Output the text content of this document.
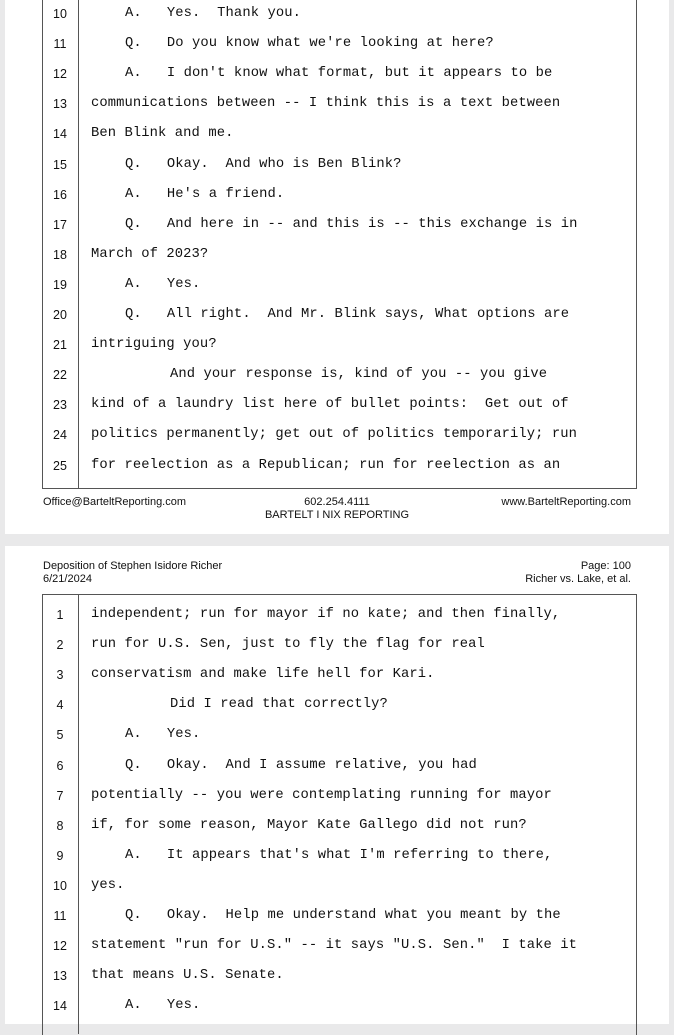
10	A.   Yes.  Thank you.
11	Q.   Do you know what we're looking at here?
12	A.   I don't know what format, but it appears to be
13	communications between -- I think this is a text between
14	Ben Blink and me.
15	Q.   Okay.  And who is Ben Blink?
16	A.   He's a friend.
17	Q.   And here in -- and this is -- this exchange is in
18	March of 2023?
19	A.   Yes.
20	Q.   All right.  And Mr. Blink says, What options are
21	intriguing you?
22	And your response is, kind of you -- you give
23	kind of a laundry list here of bullet points:  Get out of
24	politics permanently; get out of politics temporarily; run
25	for reelection as a Republican; run for reelection as an
Office@BarteltReporting.com	602.254.4111
BARTELT I NIX REPORTING
www.BarteltReporting.com
Deposition of Stephen Isidore Richer
6/21/2024
Page: 100
Richer vs. Lake, et al.
1	independent; run for mayor if no kate; and then finally,
2	run for U.S. Sen, just to fly the flag for real
3	conservatism and make life hell for Kari.
4	Did I read that correctly?
5	A.   Yes.
6	Q.   Okay.  And I assume relative, you had
7	potentially -- you were contemplating running for mayor
8	if, for some reason, Mayor Kate Gallego did not run?
9	A.   It appears that's what I'm referring to there,
10	yes.
11	Q.   Okay.  Help me understand what you meant by the
12	statement "run for U.S." -- it says "U.S. Sen."  I take it
13	that means U.S. Senate.
14	A.   Yes.
